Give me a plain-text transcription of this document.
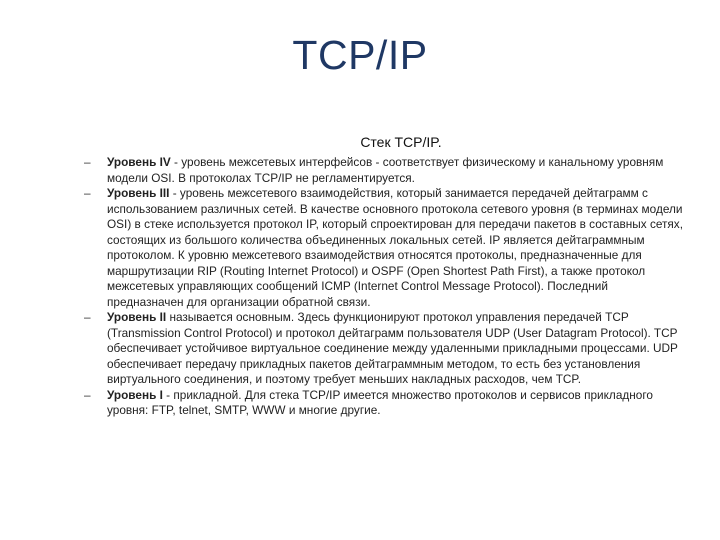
TCP/IP
Стек TCP/IP.
– Уровень IV - уровень межсетевых интерфейсов - соответствует физическому и канальному уровням модели OSI. В протоколах TCP/IP не регламентируется.
– Уровень III - уровень межсетевого взаимодействия, который занимается передачей дейтаграмм с использованием различных сетей. В качестве основного протокола сетевого уровня (в терминах модели OSI) в стеке используется протокол IP, который спроектирован для передачи пакетов в составных сетях, состоящих из большого количества объединенных локальных сетей. IP является дейтаграммным протоколом. К уровню межсетевого взаимодействия относятся протоколы, предназначенные для маршрутизации RIP (Routing Internet Protocol) и OSPF (Open Shortest Path First), а также протокол межсетевых управляющих сообщений ICMP (Internet Control Message Protocol). Последний предназначен для организации обратной связи.
– Уровень II называется основным. Здесь функционируют протокол управления передачей TCP (Transmission Control Protocol) и протокол дейтаграмм пользователя UDP (User Datagram Protocol). TCP обеспечивает устойчивое виртуальное соединение между удаленными прикладными процессами. UDP обеспечивает передачу прикладных пакетов дейтаграммным методом, то есть без установления виртуального соединения, и поэтому требует меньших накладных расходов, чем TCP.
– Уровень I - прикладной. Для стека TCP/IP имеется множество протоколов и сервисов прикладного уровня: FTP, telnet, SMTP, WWW и многие другие.
